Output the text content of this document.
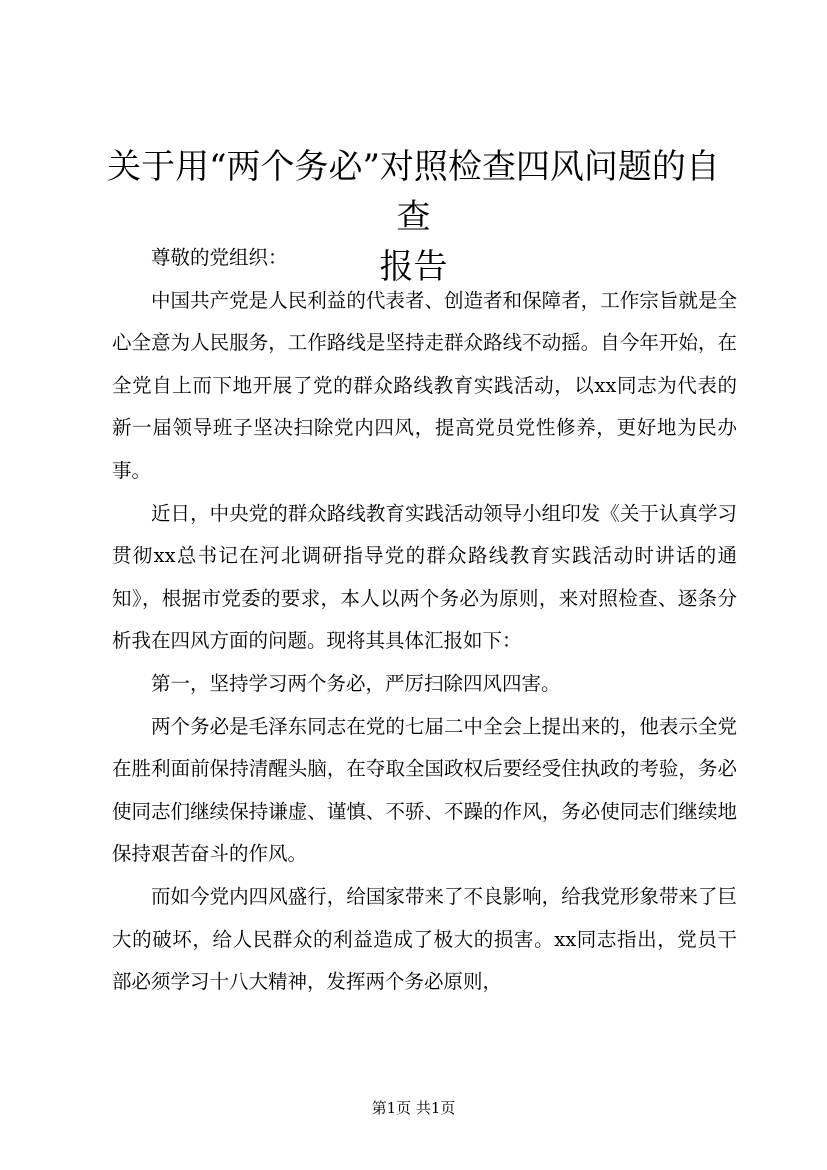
关于用“两个务必”对照检查四风问题的自查
报告

尊敬的党组织：

中国共产党是人民利益的代表者、创造者和保障者，工作宗旨就是全心全意为人民服务，工作路线是坚持走群众路线不动摇。自今年开始，在全党自上而下地开展了党的群众路线教育实践活动，以xx同志为代表的新一届领导班子坚决扫除党内四风，提高党员党性修养，更好地为民办事。

近日，中央党的群众路线教育实践活动领导小组印发《关于认真学习贯彻xx总书记在河北调研指导党的群众路线教育实践活动时讲话的通知》，根据市党委的要求，本人以两个务必为原则，来对照检查、逐条分析我在四风方面的问题。现将其具体汇报如下：

第一，坚持学习两个务必，严厉扫除四风四害。

两个务必是毛泽东同志在党的七届二中全会上提出来的，他表示全党在胜利面前保持清醒头脑，在夺取全国政权后要经受住执政的考验，务必使同志们继续保持谦虚、谨慎、不骄、不躁的作风，务必使同志们继续地保持艰苦奋斗的作风。

而如今党内四风盛行，给国家带来了不良影响，给我党形象带来了巨大的破坏，给人民群众的利益造成了极大的损害。xx同志指出，党员干部必须学习十八大精神，发挥两个务必原则，

第1页 共1页
